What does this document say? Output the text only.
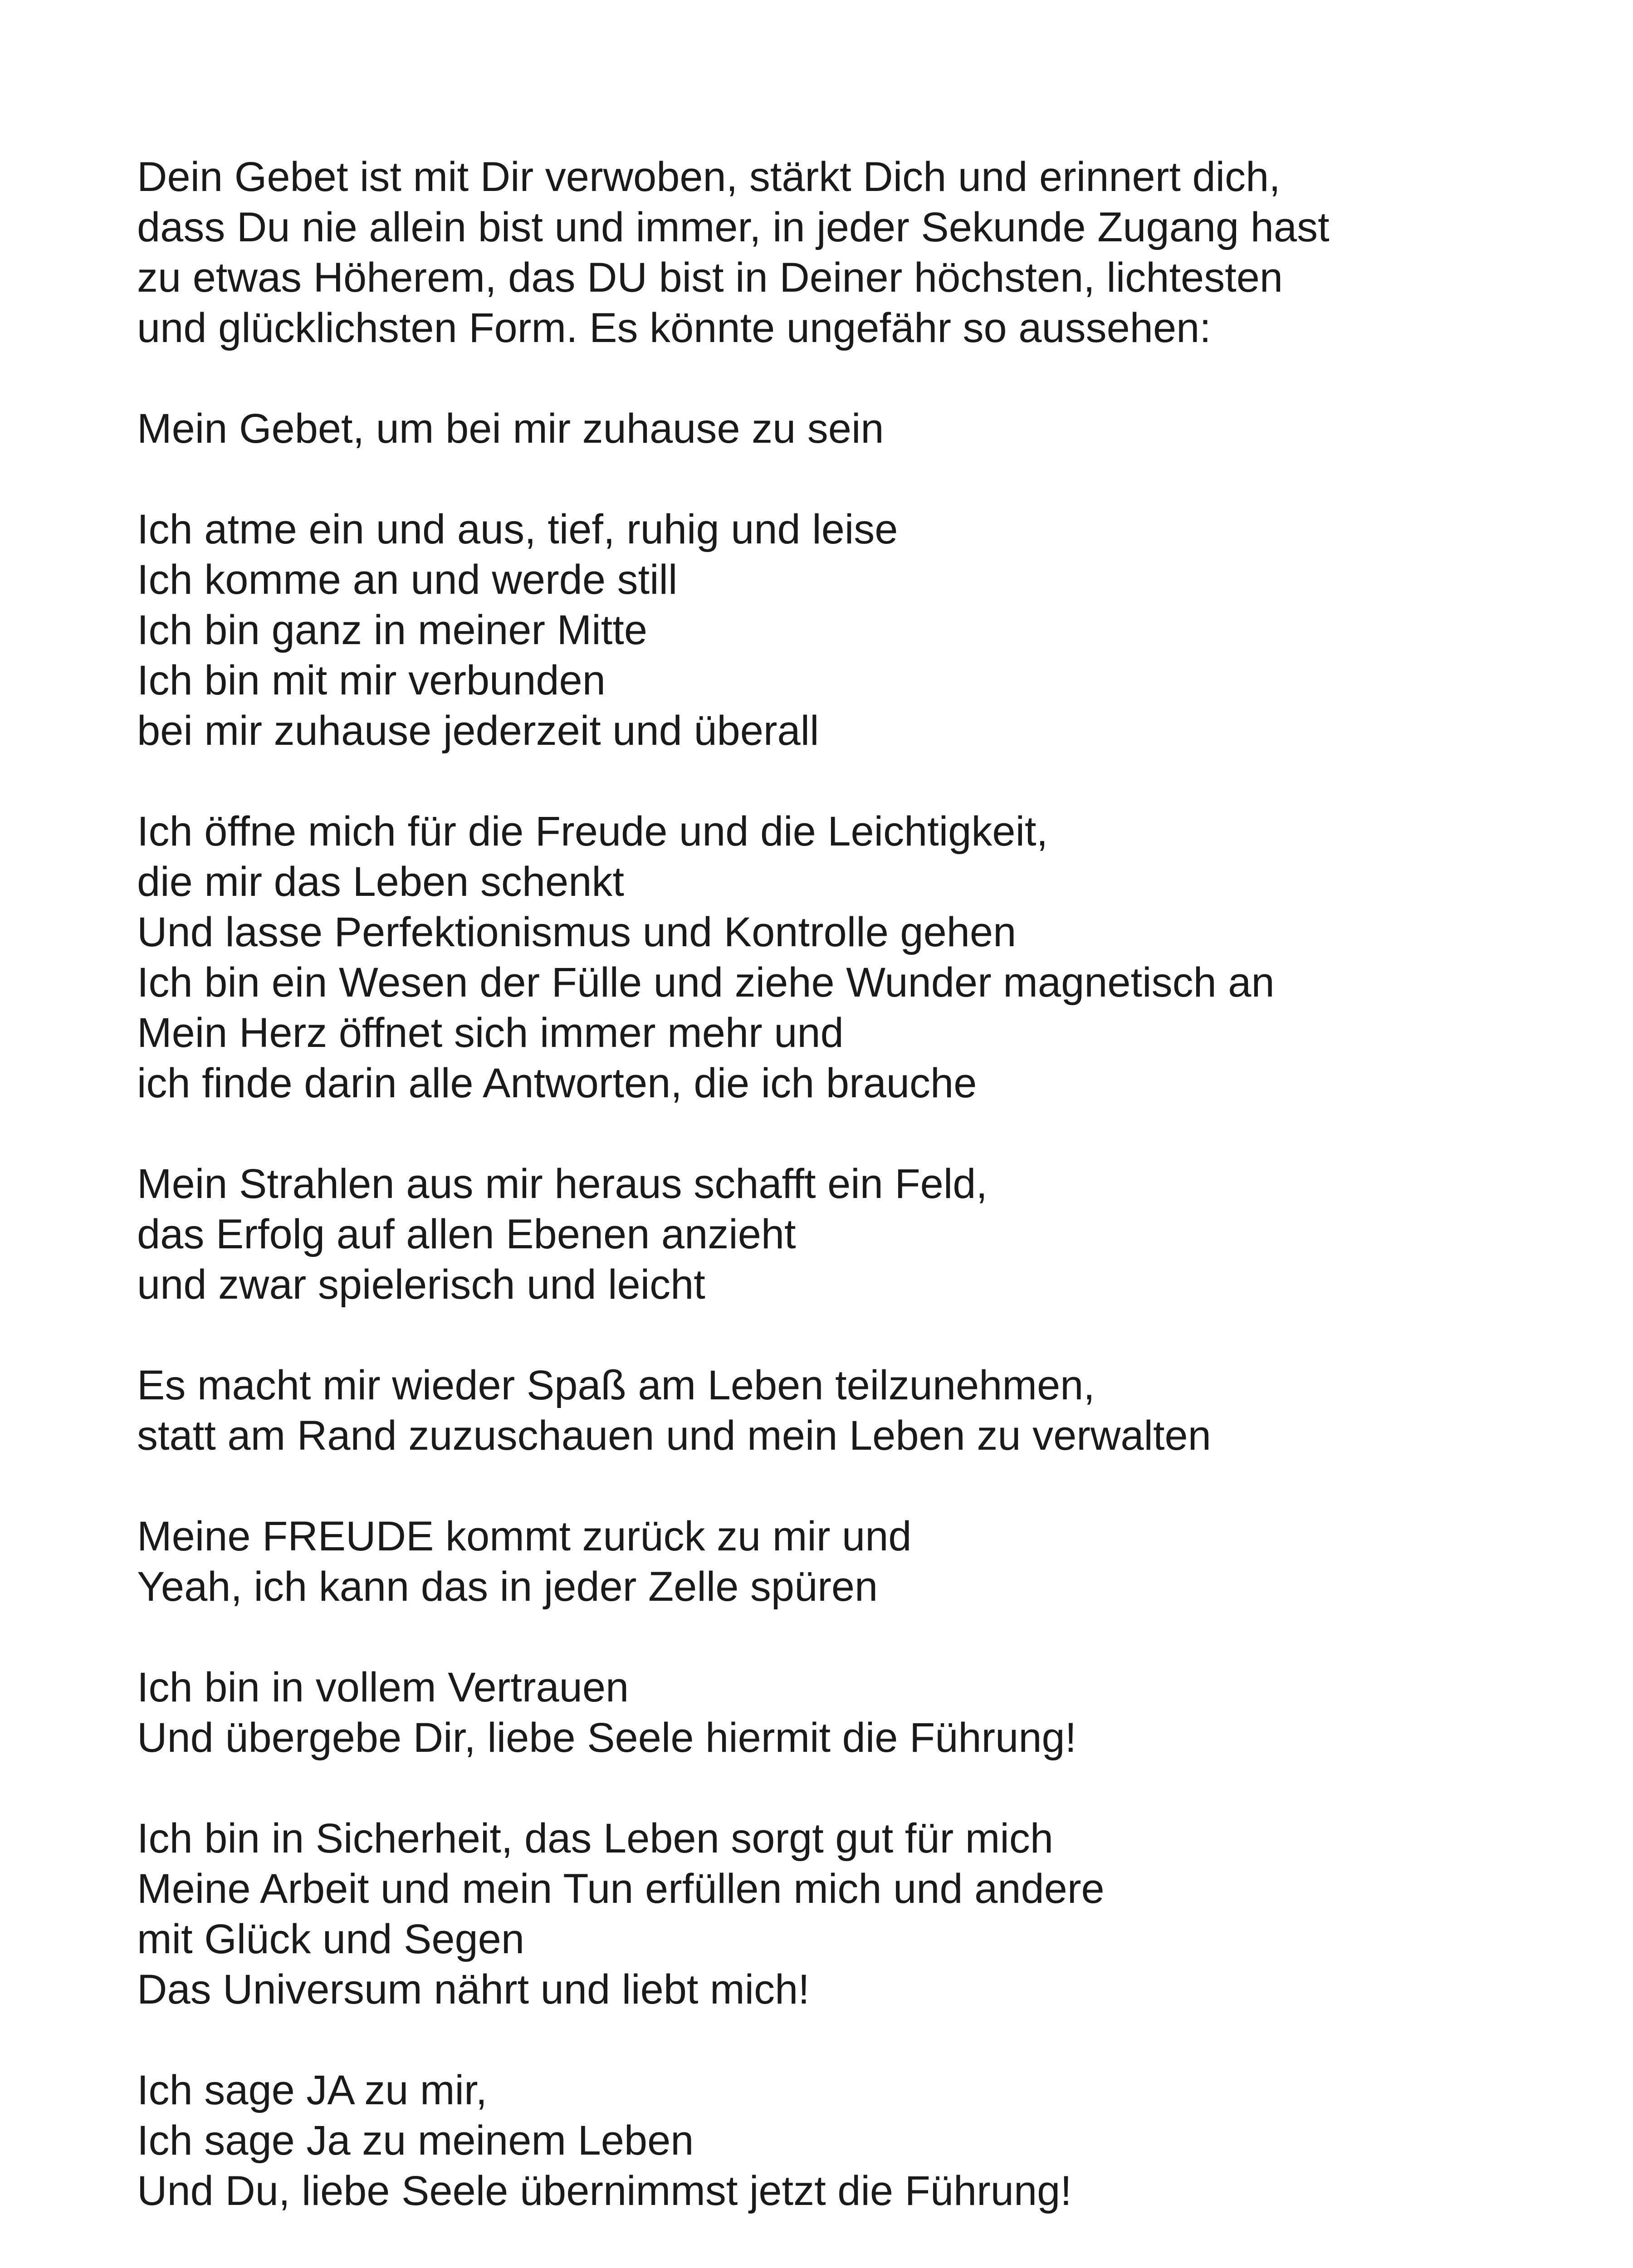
Dein Gebet ist mit Dir verwoben, stärkt Dich und erinnert dich,
dass Du nie allein bist und immer, in jeder Sekunde Zugang hast
zu etwas Höherem, das DU bist in Deiner höchsten, lichtesten
und glücklichsten Form. Es könnte ungefähr so aussehen:
Mein Gebet, um bei mir zuhause zu sein
Ich atme ein und aus, tief, ruhig und leise
Ich komme an und werde still
Ich bin ganz in meiner Mitte
Ich bin mit mir verbunden
bei mir zuhause jederzeit und überall
Ich öffne mich für die Freude und die Leichtigkeit,
die mir das Leben schenkt
Und lasse Perfektionismus und Kontrolle gehen
Ich bin ein Wesen der Fülle und ziehe Wunder magnetisch an
Mein Herz öffnet sich immer mehr und
ich finde darin alle Antworten, die ich brauche
Mein Strahlen aus mir heraus schafft ein Feld,
das Erfolg auf allen Ebenen anzieht
und zwar spielerisch und leicht
Es macht mir wieder Spaß am Leben teilzunehmen,
statt am Rand zuzuschauen und mein Leben zu verwalten
Meine FREUDE kommt zurück zu mir und
Yeah, ich kann das in jeder Zelle spüren
Ich bin in vollem Vertrauen
Und übergebe Dir, liebe Seele hiermit die Führung!
Ich bin in Sicherheit, das Leben sorgt gut für mich
Meine Arbeit und mein Tun erfüllen mich und andere
mit Glück und Segen
Das Universum nährt und liebt mich!
Ich sage JA zu mir,
Ich sage Ja zu meinem Leben
Und Du, liebe Seele übernimmst jetzt die Führung!
